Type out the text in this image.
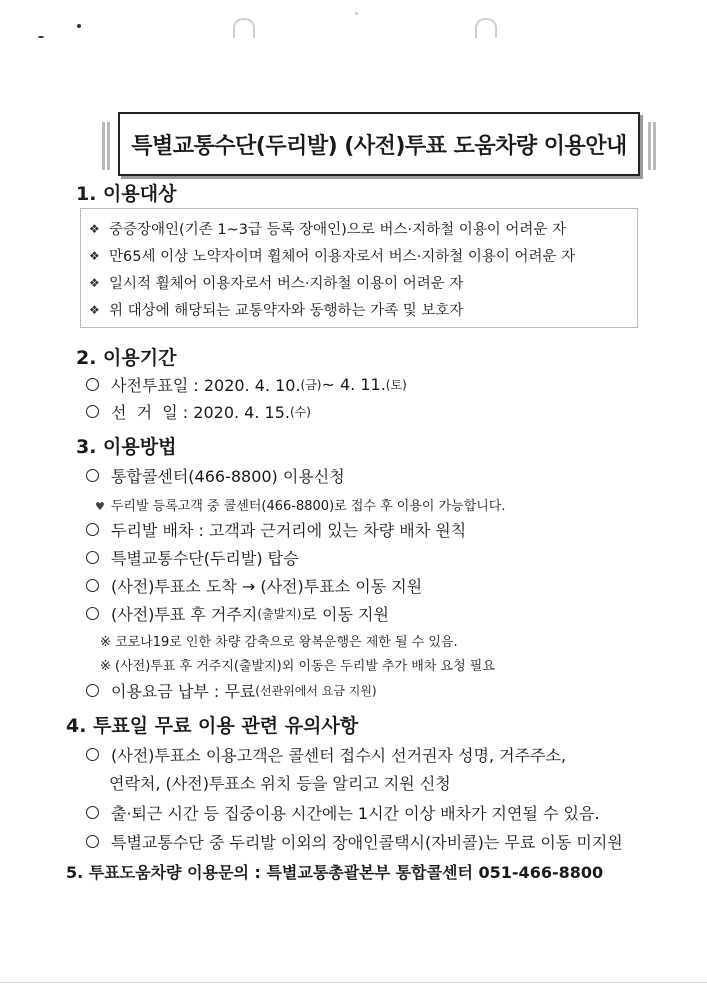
특별교통수단(두리발) (사전)투표 도움차량 이용안내
1. 이용대상
❖ 중증장애인(기존 1~3급 등록 장애인)으로 버스·지하철 이용이 어려운 자
❖ 만65세 이상 노약자이며 휠체어 이용자로서 버스·지하철 이용이 어려운 자
❖ 일시적 휠체어 이용자로서 버스·지하철 이용이 어려운 자
❖ 위 대상에 해당되는 교통약자와 동행하는 가족 및 보호자
2. 이용기간
사전투표일 : 2020. 4. 10. (금) ~ 4. 11. (토)
선  거  일 : 2020. 4. 15. (수)
3. 이용방법
통합콜센터(466-8800) 이용신청
♥ 두리발 등록고객 중 콜센터(466-8800)로 접수 후 이용이 가능합니다.
두리발 배차 : 고객과 근거리에 있는 차량 배차 원칙
특별교통수단(두리발) 탑승
(사전)투표소 도착 → (사전)투표소 이동 지원
(사전)투표 후 거주지 (출발지) 로 이동 지원
※ 코로나19로 인한 차량 감축으로 왕복운행은 제한 될 수 있음.
※ (사전)투표 후 거주지(출발지)외 이동은 두리발 추가 배차 요청 필요
이용요금 납부 : 무료 (선관위에서 요금 지원)
4. 투표일 무료 이용 관련 유의사항
(사전)투표소 이용고객은 콜센터 접수시 선거권자 성명, 거주주소,
연락처, (사전)투표소 위치 등을 알리고 지원 신청
출·퇴근 시간 등 집중이용 시간에는 1시간 이상 배차가 지연될 수 있음.
특별교통수단 중 두리발 이외의 장애인콜택시(자비콜)는 무료 이동 미지원
5. 투표도움차량 이용문의 : 특별교통총괄본부 통합콜센터 051-466-8800
